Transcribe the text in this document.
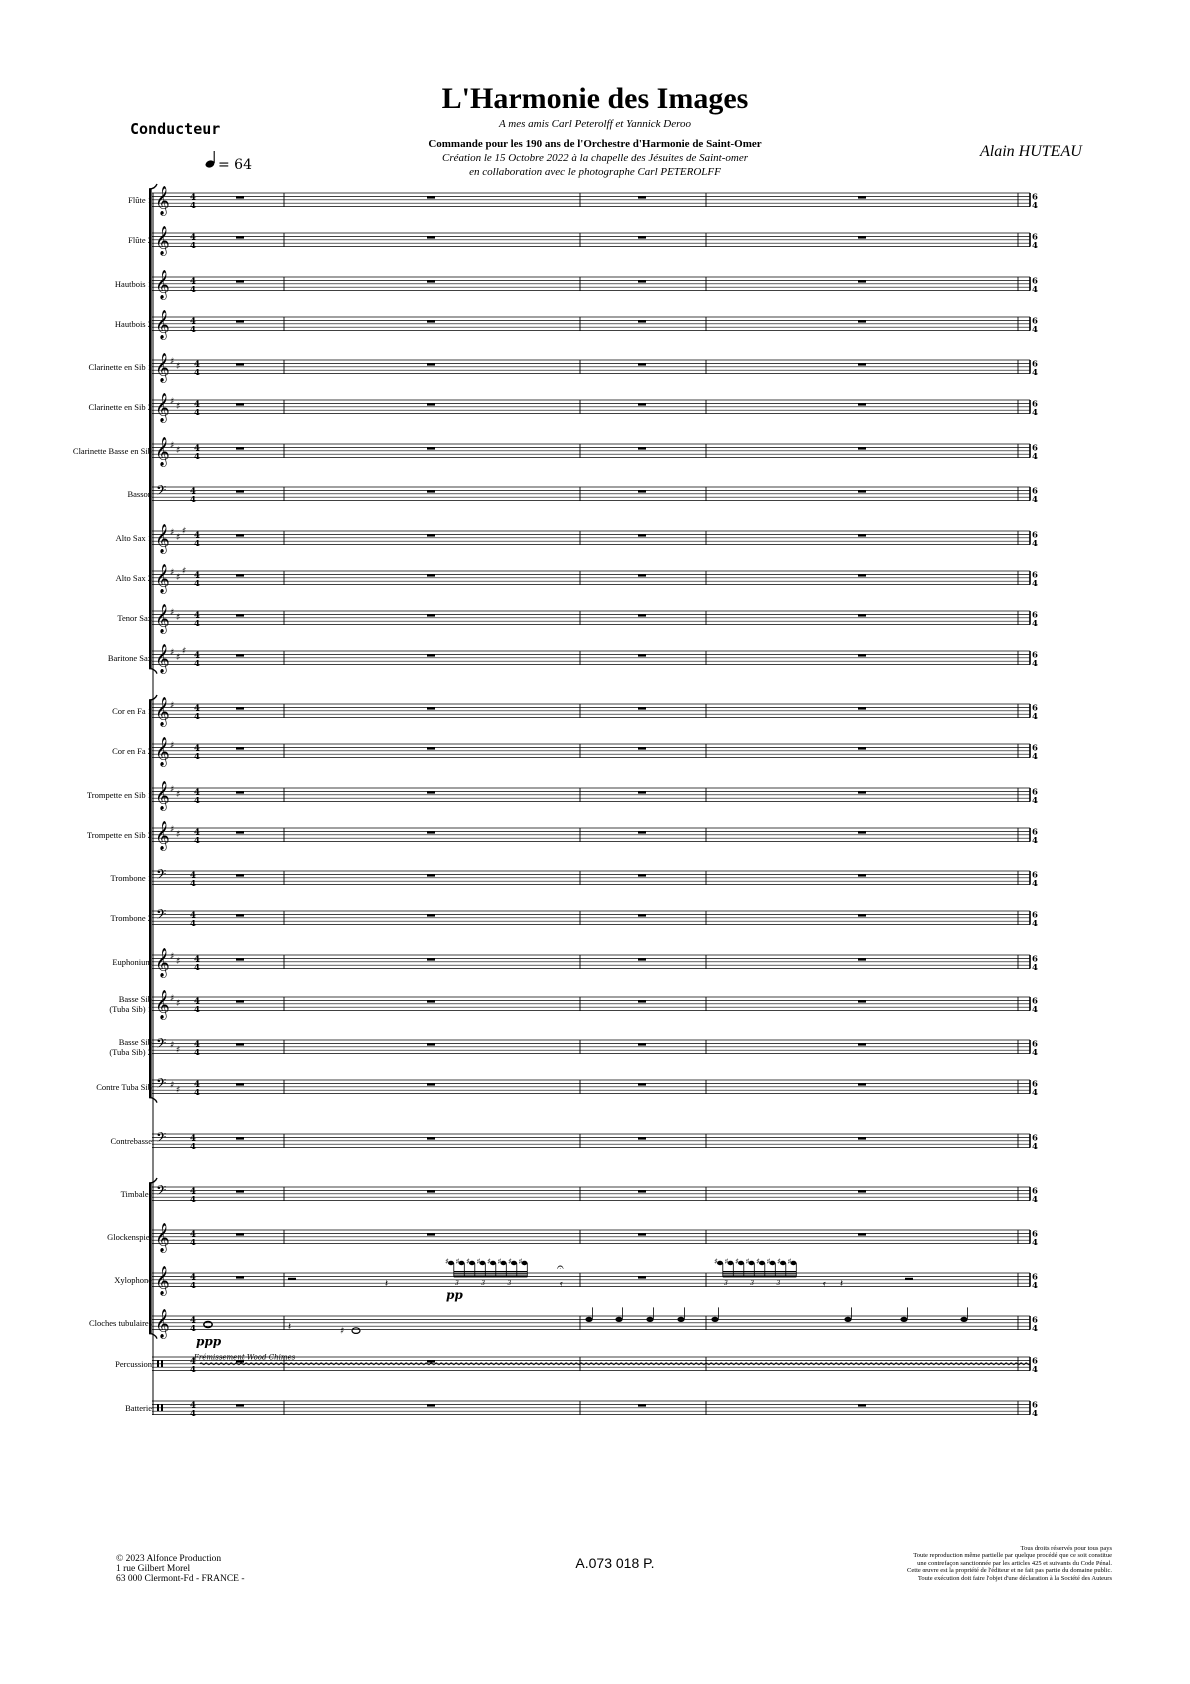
L'Harmonie des Images
A mes amis Carl Peterolff et Yannick Deroo
Conducteur
Commande pour les 190 ans de l'Orchestre d'Harmonie de Saint-Omer
Création le 15 Octobre 2022 à la chapelle des Jésuites de Saint-omer
en collaboration avec le photographe Carl PETEROLFF
Alain HUTEAU
= 64
𝄞 4
4
6
4
𝄞 4
4
6
4
𝄞 4
4
6
4
𝄞 4
4
6
4
𝄞 ♯
♯ 4
4
6
4
𝄞 ♯
♯ 4
4
6
4
𝄞 ♯
♯ 4
4
6
4
𝄢	4
4
6
4
𝄞 ♯
♯
♯ 4
4
6
4
𝄞 ♯
♯
♯ 4
4
6
4
𝄞 ♯
♯ 4
4
6
4
𝄞 ♯
♯
♯ 4
4
6
4
𝄞 ♯ 4
4
6
4
𝄞 ♯ 4
4
6
4
𝄞 ♯
♯ 4
4
6
4
𝄞 ♯
♯ 4
4
6
4
𝄢	4
4
6
4
𝄢	4
4
6
4
𝄞 ♯
♯ 4
4
6
4
𝄞 ♯
♯ 4
4
6
4
𝄢 ♯
♯
4
4
6
4
𝄢 ♯
♯
4
4
6
4
𝄢	4
4
6
4
𝄢	4
4
6
4
𝄞 4
4
6
4
𝄞 4
4
6
4
𝄞 4
4
6
4
4
4
6
4
4
4
6
4
♯ ♯ ♯ ♯ ♯ ♯ ♯ ♯
3	3	3
♯ ♯ ♯ ♯ ♯ ♯ ♯ ♯
3	3	3
𝄽
𝄐
𝄿	𝄿 𝄽
pp
ppp
Frémissement Wood Chimes
𝄽	♯
Flûte 1
Flûte 2
Hautbois 1
Hautbois 2
Clarinette en Sib 1
Clarinette en Sib 2
Clarinette Basse en Sib
Basson
Alto Sax 1
Alto Sax 2
Tenor Sax
Baritone Sax
Cor en Fa 1
Cor en Fa 2
Trompette en Sib 1
Trompette en Sib 2
Trombone 1
Trombone 2
Euphonium
Basse Sib
(Tuba Sib) 1
Basse Sib
(Tuba Sib) 2
Contre Tuba Sib
Contrebasse
Timbales
Glockenspiel
Xylophone
Cloches tubulaires
Percussion
Batterie
© 2023 Alfonce Production
1 rue Gilbert Morel
63 000 Clermont-Fd - FRANCE -
A.073 018 P.
Tous droits réservés pour tous pays
Toute reproduction même partielle par quelque procédé que ce soit constitue
une contrefaçon sanctionnée par les articles 425 et suivants du Code Pénal.
Cette œuvre est la propriété de l'éditeur et ne fait pas partie du domaine public.
Toute exécution doit faire l'objet d'une déclaration à la Société des Auteurs
